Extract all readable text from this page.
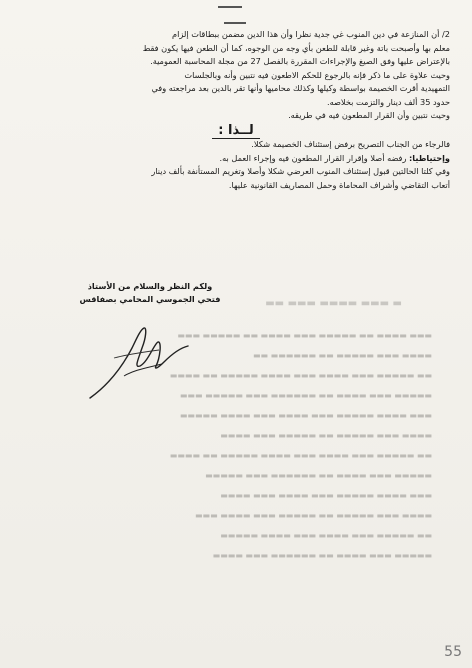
2/ أن المنازعة في دين المنوب غي جدية نظرا وأن هذا الدين مضمن ببطاقات إلزام
معلم بها وأصبحت باتة وغير قابلة للطعن بأي وجه من الوجوه، كما أن الطعن فيها يكون فقط
بالإعتراض عليها وفق الصيغ والإجراءات المقررة بالفصل 27 من مجلة المحاسبة العمومية.
وحيث علاوة على ما ذكر فإنه بالرجوع للحكم الاطعون فيه نتبين وأنه وبالجلسات
التمهيدية أقرت الخصيمة بواسطة وكيلها وكذلك محاميها وأنها تقر بالدين بعد مراجعته وفي
حدود 35 ألف دينار والتزمت بخلاصه.
وحيث نتبين وأن القرار المطعون فيه في طريقه.
لــذا :
فالرجاء من الجناب التصريح برفض إستئناف الخصيمة شكلا.
وإحتياطيا: رفضه أصلا وإقرار القرار المطعون فيه وإجراء العمل به.
وفي كلتا الحالتين قبول إستئناف المنوب العرضي شكلا وأصلا وتغريم المستأنفة بألف دينار
أتعاب التقاضي وأشراف المحاماة وحمل المصاريف القانونية عليها.
ولكم النظر والسلام من الأستاذ
فتحي الجموسي المحامي بصفاقس	▬ ▬▬▬ ▬▬▬▬ ▬▬▬ ▬▬
▬▬▬ ▬▬▬▬ ▬▬ ▬▬▬▬▬ ▬▬▬ ▬▬▬▬ ▬▬ ▬▬▬▬▬ ▬▬▬
▬▬▬▬ ▬▬▬ ▬▬▬▬▬ ▬▬ ▬▬▬▬▬▬ ▬▬
▬▬ ▬▬▬▬▬ ▬▬▬ ▬▬▬▬ ▬▬▬ ▬▬▬▬ ▬▬▬▬▬ ▬▬ ▬▬▬▬
▬▬▬▬▬ ▬▬▬ ▬▬▬▬ ▬▬ ▬▬▬▬▬▬ ▬▬▬ ▬▬▬▬▬ ▬▬▬
▬▬▬ ▬▬▬▬ ▬▬▬▬▬ ▬▬▬ ▬▬▬▬ ▬▬▬ ▬▬▬▬ ▬▬▬▬▬
▬▬▬▬ ▬▬▬ ▬▬▬▬▬ ▬▬ ▬▬▬▬▬ ▬▬▬ ▬▬▬▬
▬▬ ▬▬▬▬▬ ▬▬▬ ▬▬▬▬ ▬▬▬ ▬▬▬▬ ▬▬▬▬▬ ▬▬ ▬▬▬▬
▬▬▬▬▬ ▬▬▬ ▬▬▬▬ ▬▬ ▬▬▬▬▬▬ ▬▬▬ ▬▬▬▬▬
▬▬▬ ▬▬▬▬ ▬▬▬▬▬ ▬▬▬ ▬▬▬▬ ▬▬▬ ▬▬▬▬
▬▬▬▬ ▬▬▬ ▬▬▬▬▬ ▬▬ ▬▬▬▬▬ ▬▬▬ ▬▬▬▬ ▬▬▬
▬▬ ▬▬▬▬▬ ▬▬▬ ▬▬▬▬ ▬▬▬ ▬▬▬▬ ▬▬▬▬▬
▬▬▬▬▬ ▬▬▬ ▬▬▬▬ ▬▬ ▬▬▬▬▬▬ ▬▬▬ ▬▬▬▬
55
